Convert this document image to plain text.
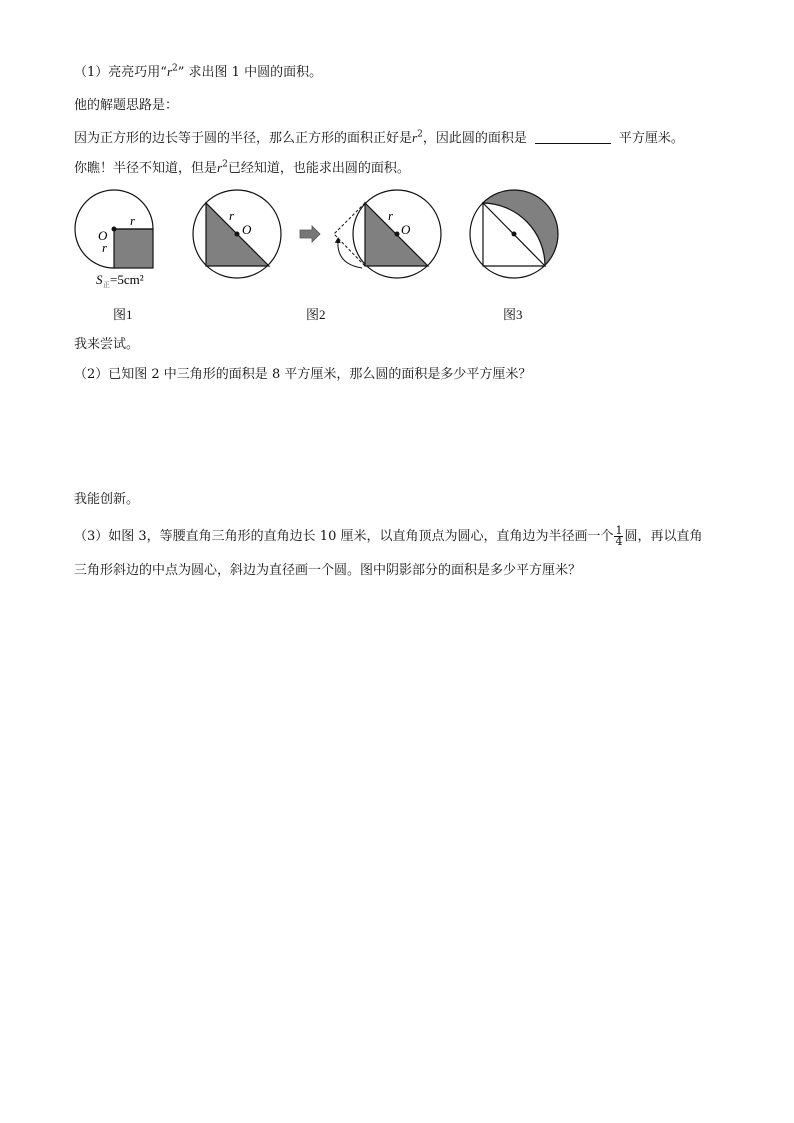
（1）亮亮巧用“$r^2$” 求出图 1 中圆的面积。
他的解题思路是：
因为正方形的边长等于圆的半径，那么正方形的面积正好是$r^2$，因此圆的面积是	平方厘米。
你瞧！半径不知道，但是$r^2$已经知道，也能求出圆的面积。
r
r
O
S 正 =5cm²
r
O
r
O
图1	图2	图3
我来尝试。
（2）已知图 2 中三角形的面积是 8 平方厘米，那么圆的面积是多少平方厘米？
我能创新。
（3）如图 3，等腰直角三角形的直角边长 10 厘米，以直角顶点为圆心，直角边为半径画一个 $\frac{1}{4}$ 圆，再以直角
三角形斜边的中点为圆心，斜边为直径画一个圆。图中阴影部分的面积是多少平方厘米？
